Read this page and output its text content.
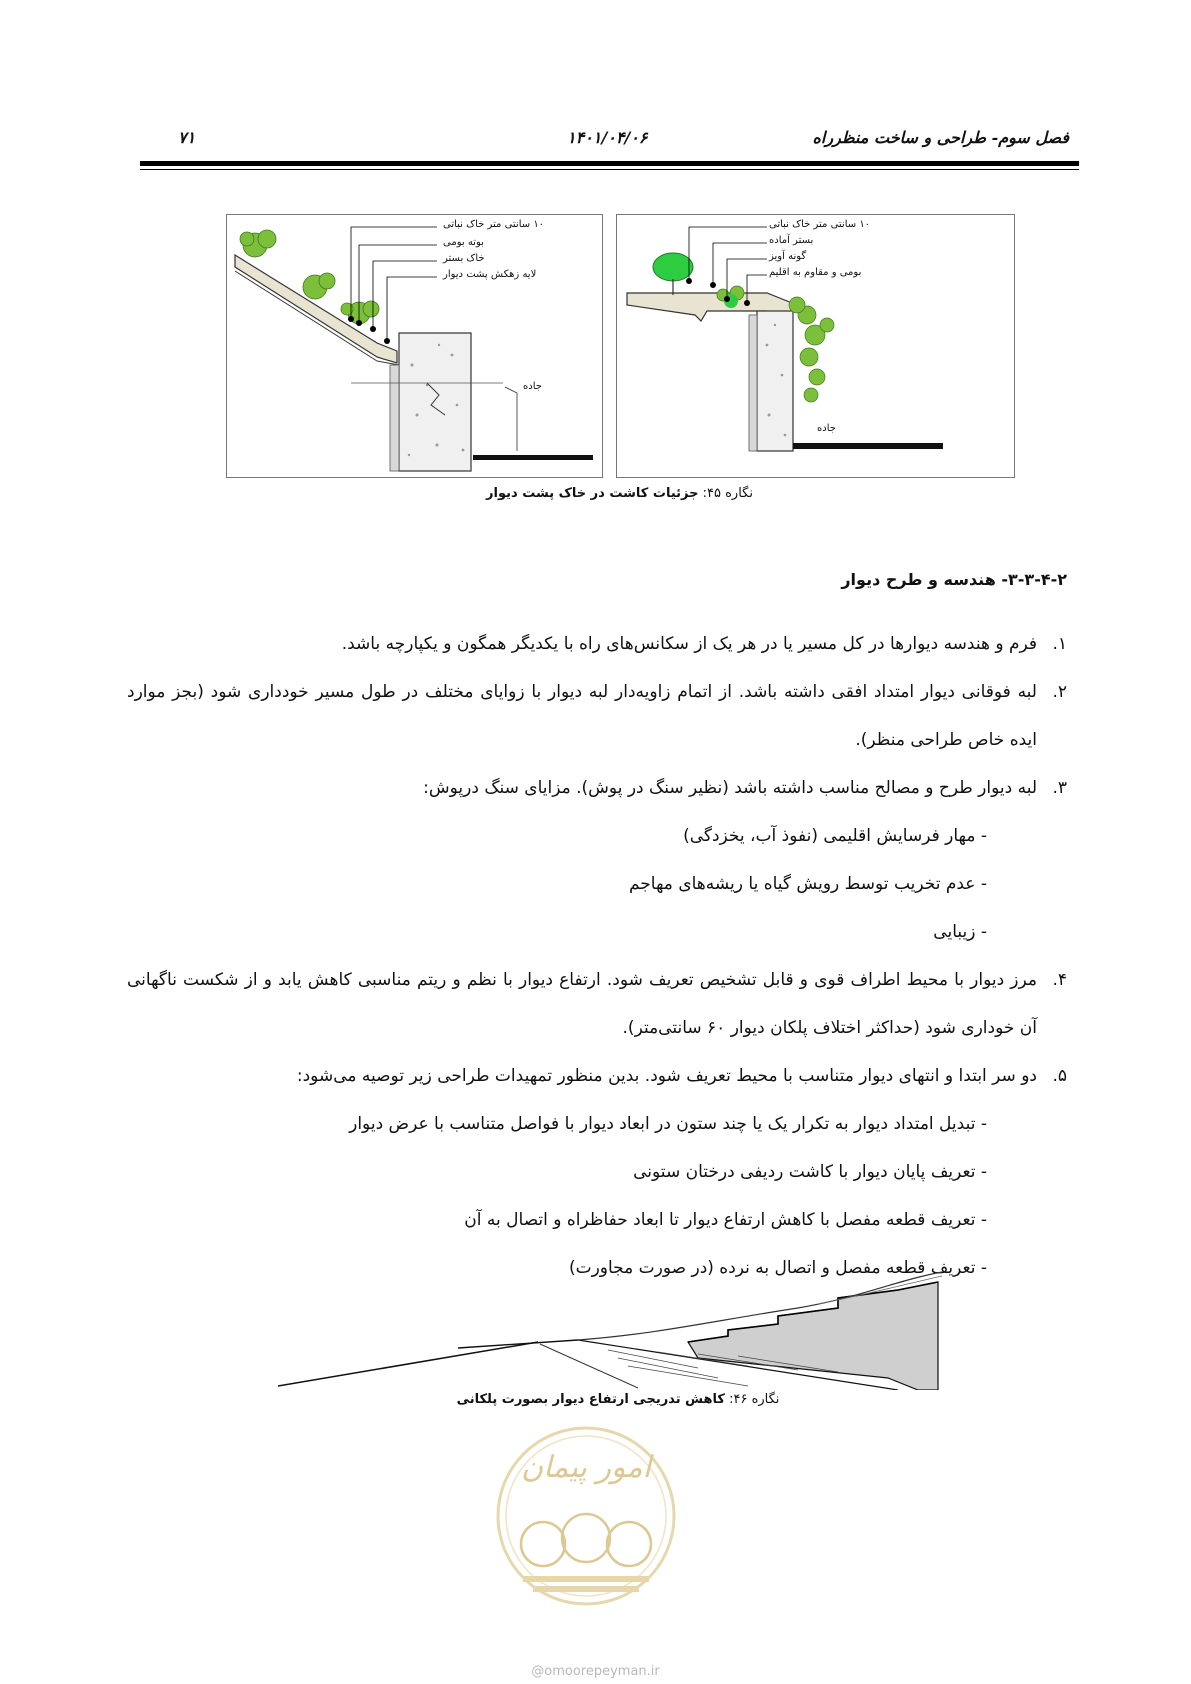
فصل سوم- طراحی و ساخت منظرراه
۱۴۰۱/۰۴/۰۶
۷۱
۱۰ سانتی متر خاک نباتی
بوته بومی
خاک بستر
لایه زهکش پشت دیوار
جاده
۱۰ سانتی متر خاک نباتی
بستر آماده
گونه آویز
بومی و مقاوم به اقلیم
جاده
نگاره ۴۵: جزئیات کاشت در خاک پشت دیوار
۳-۳-۴-۲- هندسه و طرح دیوار
۱.
فرم و هندسه دیوارها در کل مسیر یا در هر یک از سکانس‌های راه با یکدیگر همگون و یکپارچه باشد.
۲.
لبه فوقانی دیوار امتداد افقی داشته باشد. از اتمام زاویه‌دار لبه دیوار با زوایای مختلف در طول مسیر خودداری شود (بجز موارد ایده خاص طراحی منظر).
۳.
لبه دیوار طرح و مصالح مناسب داشته باشد (نظیر سنگ در پوش). مزایای سنگ درپوش:
- مهار فرسایش اقلیمی (نفوذ آب، یخزدگی)
- عدم تخریب توسط رویش گیاه یا ریشه‌های مهاجم
- زیبایی
۴.
مرز دیوار با محیط اطراف قوی و قابل تشخیص تعریف شود. ارتفاع دیوار با نظم و ریتم مناسبی کاهش یابد و از شکست ناگهانی آن خوداری شود (حداکثر اختلاف پلکان دیوار ۶۰ سانتی‌متر).
۵.
دو سر ابتدا و انتهای دیوار متناسب با محیط تعریف شود. بدین منظور تمهیدات طراحی زیر توصیه می‌شود:
- تبدیل امتداد دیوار به تکرار یک یا چند ستون در ابعاد دیوار با فواصل متناسب با عرض دیوار
- تعریف پایان دیوار با کاشت ردیفی درختان ستونی
- تعریف قطعه مفصل با کاهش ارتفاع دیوار تا ابعاد حفاظراه و اتصال به آن
- تعریف قطعه مفصل و اتصال به نرده (در صورت مجاورت)
نگاره ۴۶: کاهش تدریجی ارتفاع دیوار بصورت پلکانی
امور پیمان
@omoorepeyman.ir
